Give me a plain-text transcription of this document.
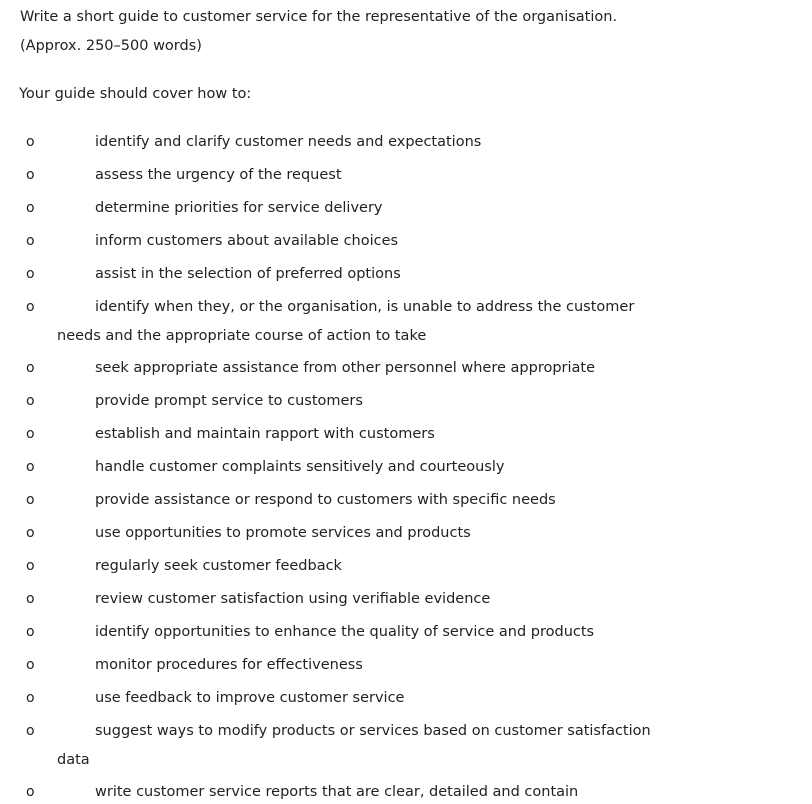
Write a short guide to customer service for the representative of the organisation.
(Approx. 250–500 words)
Your guide should cover how to:
o	identify and clarify customer needs and expectations
o	assess the urgency of the request
o	determine priorities for service delivery
o	inform customers about available choices
o	assist in the selection of preferred options
o	identify when they, or the organisation, is unable to address the customer
needs and the appropriate course of action to take
o	seek appropriate assistance from other personnel where appropriate
o	provide prompt service to customers
o	establish and maintain rapport with customers
o	handle customer complaints sensitively and courteously
o	provide assistance or respond to customers with specific needs
o	use opportunities to promote services and products
o	regularly seek customer feedback
o	review customer satisfaction using verifiable evidence
o	identify opportunities to enhance the quality of service and products
o	monitor procedures for effectiveness
o	use feedback to improve customer service
o	suggest ways to modify products or services based on customer satisfaction
data
o	write customer service reports that are clear, detailed and contain
